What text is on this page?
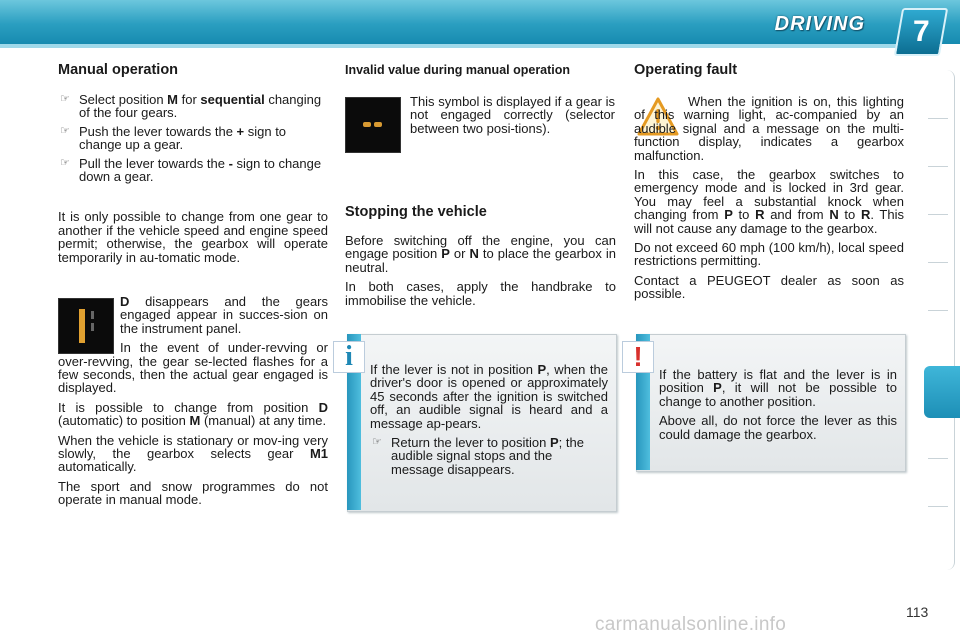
DRIVING 7
Manual operation
☞ Select position M for sequential changing of the four gears.
☞ Push the lever towards the + sign to change up a gear.
☞ Pull the lever towards the - sign to change down a gear.

It is only possible to change from one gear to another if the vehicle speed and engine speed permit; otherwise, the gearbox will operate temporarily in au-tomatic mode.

D disappears and the gears engaged appear in succes-sion on the instrument panel.

In the event of under-revving or over-revving, the gear se-lected flashes for a few seconds, then the actual gear engaged is displayed.

It is possible to change from position D (automatic) to position M (manual) at any time.

When the vehicle is stationary or mov-ing very slowly, the gearbox selects gear M1 automatically.

The sport and snow programmes do not operate in manual mode.

Invalid value during manual operation

This symbol is displayed if a gear is not engaged correctly (selector between two posi-tions).

Stopping the vehicle

Before switching off the engine, you can engage position P or N to place the gearbox in neutral.

In both cases, apply the handbrake to immobilise the vehicle.

i	If the lever is not in position P, when the driver's door is opened or approximately 45 seconds after the ignition is switched off, an audible signal is heard and a message ap-pears.

☞ Return the lever to position P; the audible signal stops and the message disappears.
Operating fault

When the ignition is on, this lighting of this warning light, ac-companied by an audible signal and a message on the multi-function display, indicates a gearbox malfunction.

In this case, the gearbox switches to emergency mode and is locked in 3rd gear. You may feel a substantial knock when changing from P to R and from N to R. This will not cause any damage to the gearbox.

Do not exceed 60 mph (100 km/h), local speed restrictions permitting.

Contact a PEUGEOT dealer as soon as possible.

!

If the battery is flat and the lever is in position P, it will not be possible to change to another position.

Above all, do not force the lever as this could damage the gearbox.

113
carmanualsonline.info
